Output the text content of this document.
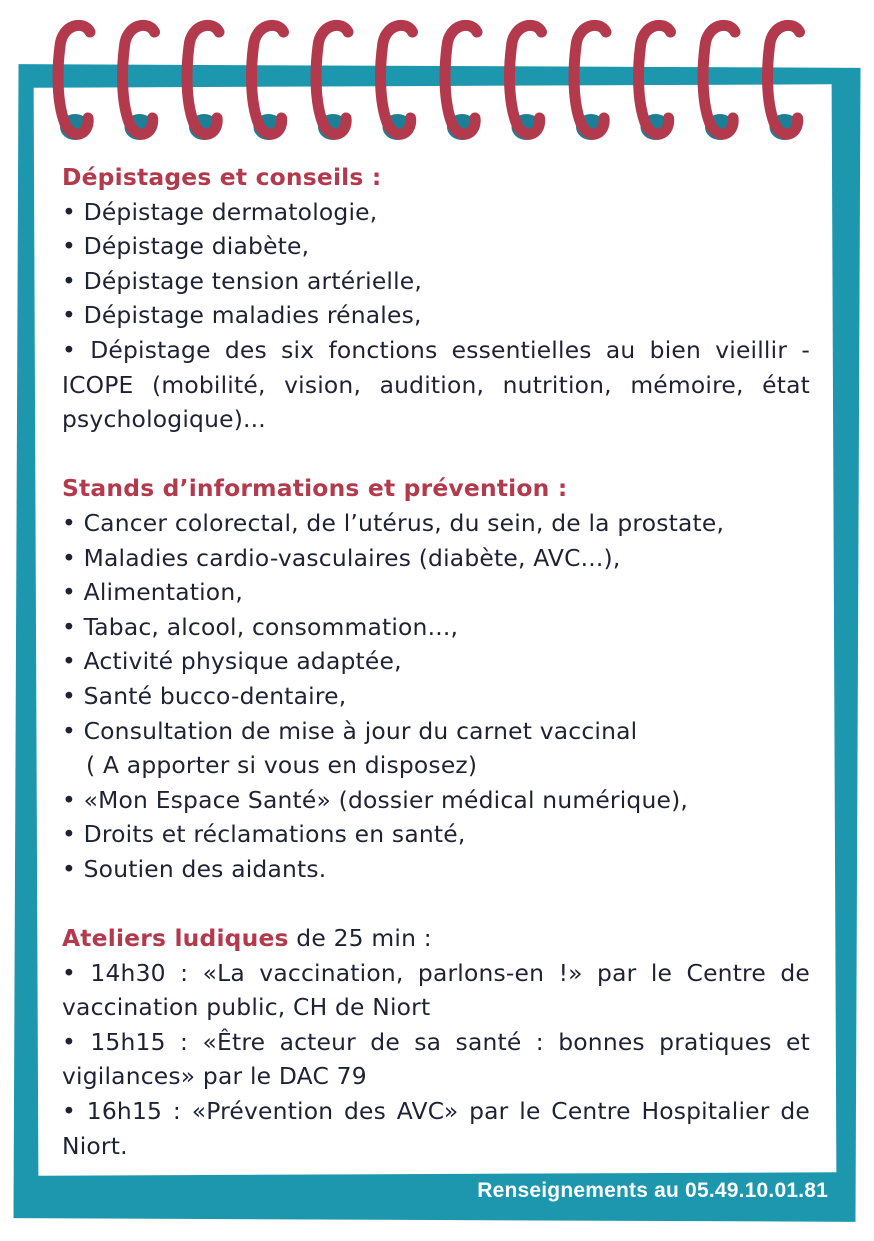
Dépistages et conseils :

• Dépistage dermatologie,
• Dépistage diabète,
• Dépistage tension artérielle,
• Dépistage maladies rénales,
• Dépistage des six fonctions essentielles au bien vieillir - ICOPE (mobilité, vision, audition, nutrition, mémoire, état psychologique)...

Stands d’informations et prévention :

• Cancer colorectal, de l’utérus, du sein, de la prostate,
• Maladies cardio-vasculaires (diabète, AVC...),
• Alimentation,
• Tabac, alcool, consommation...,
• Activité physique adaptée,
• Santé bucco-dentaire,
• Consultation de mise à jour du carnet vaccinal
( A apporter si vous en disposez)
• «Mon Espace Santé» (dossier médical numérique),
• Droits et réclamations en santé,
• Soutien des aidants.

Ateliers ludiques de 25 min :

• 14h30 : «La vaccination, parlons-en !» par le Centre de vaccination public, CH de Niort
• 15h15 : «Être acteur de sa santé : bonnes pratiques et vigilances» par le DAC 79
• 16h15 : «Prévention des AVC» par le Centre Hospitalier de Niort.
Renseignements au 05.49.10.01.81
